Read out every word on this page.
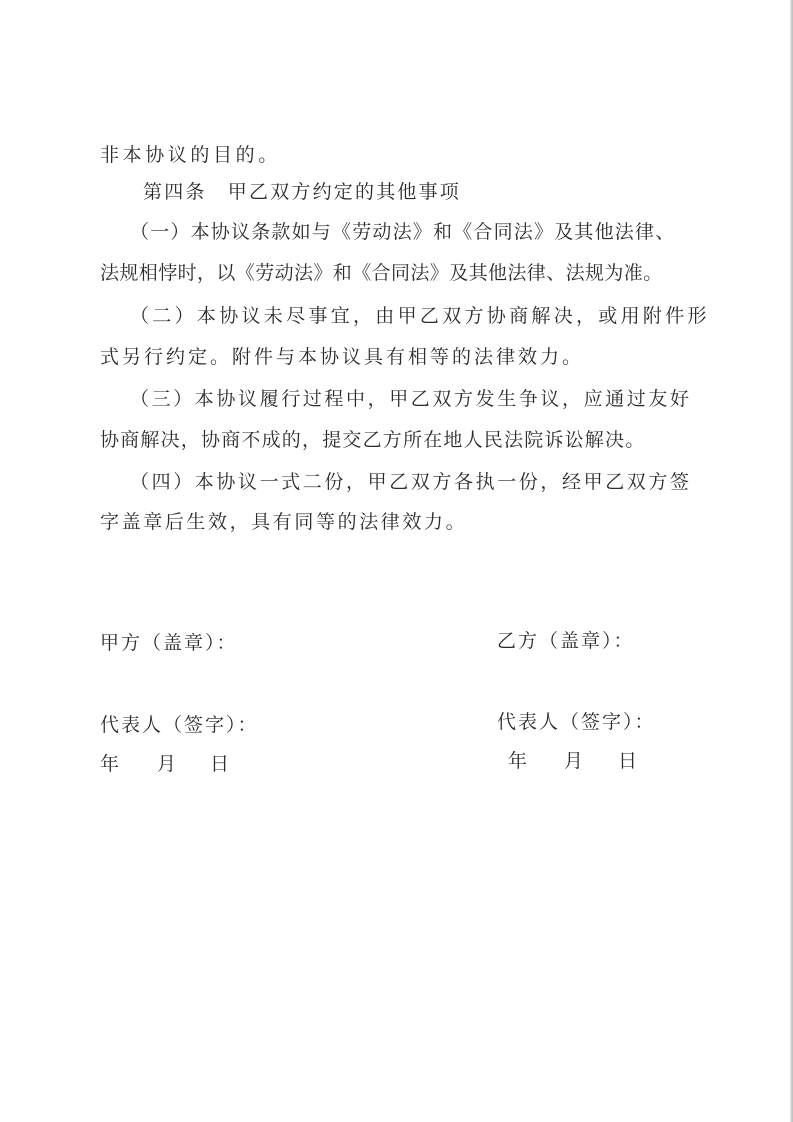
非本协议的目的。
第四条　甲乙双方约定的其他事项
（一）本协议条款如与《劳动法》和《合同法》及其他法律、
法规相悖时，以《劳动法》和《合同法》及其他法律、法规为准。
（二）本协议未尽事宜，由甲乙双方协商解决，或用附件形
式另行约定。附件与本协议具有相等的法律效力。
（三）本协议履行过程中，甲乙双方发生争议，应通过友好
协商解决，协商不成的，提交乙方所在地人民法院诉讼解决。
（四）本协议一式二份，甲乙双方各执一份，经甲乙双方签
字盖章后生效，具有同等的法律效力。
甲方（盖章）：	乙方（盖章）：
代表人（签字）：	代表人（签字）：
年 月 日	年 月 日
